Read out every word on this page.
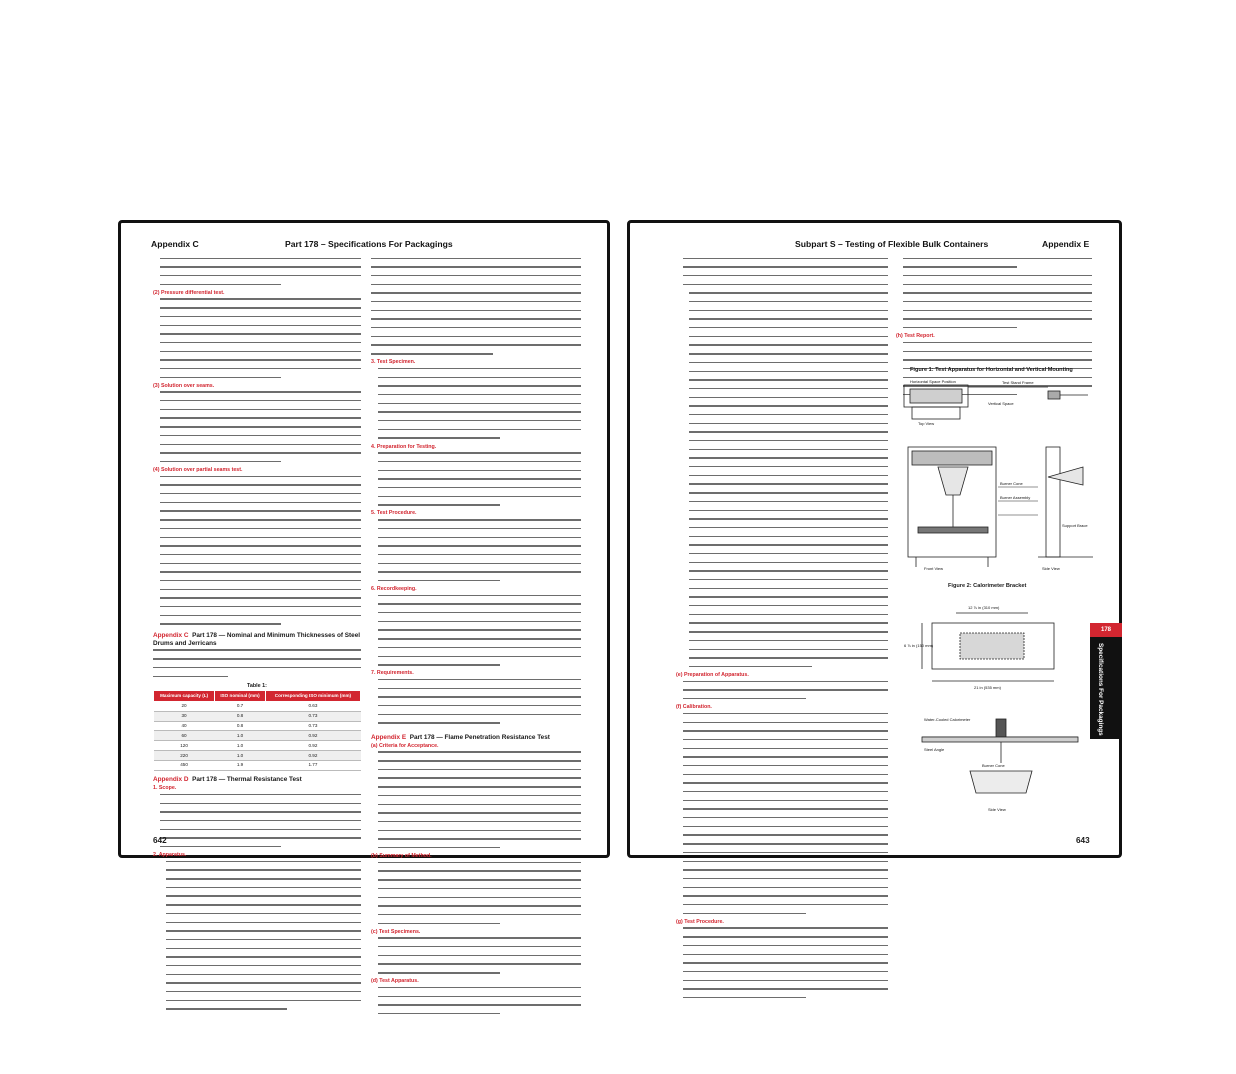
Appendix C	Part 178 – Specifications For Packagings

(2) Pressure differential test.

(3) Solution over seams.

(4) Solution over partial seams test.

Appendix C Part 178 — Nominal and Minimum Thicknesses of Steel Drums and Jerricans
Table 1:
Maximum capacity (L)	ISO nominal (mm)	Corresponding ISO minimum (mm)
20	0.7	0.63
30	0.8	0.73
40	0.8	0.73
60	1.0	0.92
120	1.0	0.92
220	1.0	0.92
450	1.9	1.77
Appendix D Part 178 — Thermal Resistance Test

1. Scope.

2. Apparatus.

3. Test Specimen.

4. Preparation for Testing.

5. Test Procedure.

6. Recordkeeping.

7. Requirements.

Appendix E Part 178 — Flame Penetration Resistance Test

(a) Criteria for Acceptance.

(b) Summary of Method.

(c) Test Specimens.

(d) Test Apparatus.

642
Subpart S – Testing of Flexible Bulk Containers	Appendix E

(e) Preparation of Apparatus.

(f) Calibration.

(g) Test Procedure.

(h) Test Report.

Figure 1: Test Apparatus for Horizontal and Vertical Mounting
Top View
Front View	Side View
Burner Cone
Burner Assembly
Support Brace
Test Stand Frame
Vertical Space
Horizontal Space Position
Figure 2: Calorimeter Bracket
12 ⅞ in (310 mm)
6 ⅞ in (150 mm)
21 in (535 mm)
Water-Cooled Calorimeter
Steel Angle
Burner Cone
Side View
643
178
Specifications For Packagings
